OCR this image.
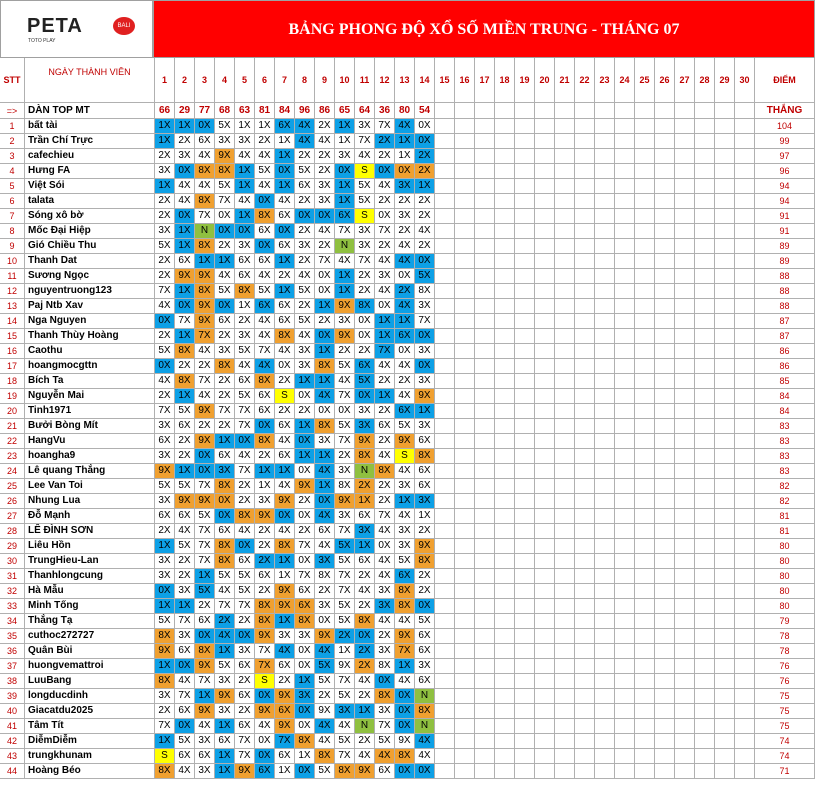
PETA	BALI
TOTO PLAY
BẢNG PHONG ĐỘ XỔ SỐ MIỀN TRUNG - THÁNG 07
STT
NGÀY THÀNH VIÊN
1	2	3	4	5	6	7	8	9	10	11	12	13	14	15	16	17	18	19	20	21	22	23	24	25	26	27	28	29	30	ĐIỂM
=>	DÀN TOP MT	66 29 77 68 63 81 84 96 86 65 64 36 80 54	THẮNG
1	bất tài	1X 1X 0X 5X 1X 1X 6X 4X 2X 1X 3X 7X 4X 0X	104
2	Trần Chí Trực	1X 2X 6X 3X 3X 2X 1X 4X 4X 1X 7X 2X 1X 0X	99
3	cafechieu	2X 3X 4X 9X 4X 4X 1X 2X 2X 3X 4X 2X 1X 2X	97
4	Hưng FA	3X 0X 8X 8X 1X 5X 0X 5X 2X 0X	S	0X 0X 2X	96
5	Việt Sói	1X 4X 4X 5X 1X 4X 1X 6X 3X 1X 5X 4X 3X 1X	94
6	talata	2X 4X 8X 7X 4X 0X 4X 2X 3X 1X 5X 2X 2X 2X	94
7	Sóng xô bờ	2X 0X 7X 0X 1X 8X 6X 0X 0X 6X	S	0X 3X 2X	91
8	Mốc Đại Hiệp	3X 1X	N	0X 0X 6X 0X 2X 4X 7X 3X 7X 2X 4X	91
9	Gió Chiều Thu	5X 1X 8X 2X 3X 0X 6X 3X 2X	N	3X 2X 4X 2X	89
10	Thanh Dat	2X 6X 1X 1X 6X 6X 1X 2X 7X 4X 7X 4X 4X 0X	89
11	Sương Ngọc	2X 9X 9X 4X 6X 4X 2X 4X 0X 1X 2X 3X 0X 5X	88
12	nguyentruong123	7X 1X 8X 5X 8X 5X 1X 5X 0X 1X 2X 4X 2X 8X	88
13	Paj Ntb Xav	4X 0X 9X 0X 1X 6X 6X 2X 1X 9X 8X 0X 4X 3X	88
14	Nga Nguyen	0X 7X 9X 6X 2X 4X 6X 5X 2X 3X 0X 1X 1X 7X	87
15	Thanh Thùy Hoàng	2X 1X 7X 2X 3X 4X 8X 4X 0X 9X 0X 1X 6X 0X	87
16	Caothu	5X 8X 4X 3X 5X 7X 4X 3X 1X 2X 2X 7X 0X 3X	86
17	hoangmocgttn	0X 2X 2X 8X 4X 4X 0X 3X 8X 5X 6X 4X 4X 0X	86
18	Bích Ta	4X 8X 7X 2X 6X 8X 2X 1X 1X 4X 5X 2X 2X 3X	85
19	Nguyễn Mai	2X 1X 4X 2X 5X 6X	S	0X 4X 7X 0X 1X 4X 9X	84
20	Tinh1971	7X 5X 9X 7X 7X 6X 2X 2X 0X 0X 3X 2X 6X 1X	84
21	Bưởi Bòng Mít	3X 6X 2X 2X 7X 0X 6X 1X 8X 5X 3X 6X 5X 3X	83
22	HangVu	6X 2X 9X 1X 0X 8X 4X 0X 3X 7X 9X 2X 9X 6X	83
23	hoangha9	3X 2X 0X 6X 4X 2X 6X 1X 1X 2X 8X 4X	S	8X	83
24	Lê quang Thắng	9X 1X 0X 3X 7X 1X 1X 0X 4X 3X	N	8X 4X 6X	83
25	Lee Van Toi	5X 5X 7X 8X 2X 1X 4X 9X 1X 8X 2X 2X 3X 6X	82
26	Nhung Lua	3X 9X 9X 0X 2X 3X 9X 2X 0X 9X 1X 2X 1X 3X	82
27	Đỗ Mạnh	6X 6X 5X 0X 8X 9X 0X 0X 4X 3X 6X 7X 4X 1X	81
28	LÊ ĐÌNH SƠN	2X 4X 7X 6X 4X 2X 4X 2X 6X 7X 3X 4X 3X 2X	81
29	Liêu Hồn	1X 5X 7X 8X 0X 2X 8X 7X 4X 5X 1X 0X 3X 9X	80
30	TrungHieu-Lan	3X 2X 7X 8X 6X 2X 1X 0X 3X 5X 6X 4X 5X 8X	80
31	Thanhlongcung	3X 2X 1X 5X 5X 6X 1X 7X 8X 7X 2X 4X 6X 2X	80
32	Hà Mẫu	0X 3X 5X 4X 5X 2X 9X 6X 2X 7X 4X 3X 8X 2X	80
33	Minh Tống	1X 1X 2X 7X 7X 8X 9X 6X 3X 5X 2X 3X 8X 0X	80
34	Thắng Tạ	5X 7X 6X 2X 2X 8X 1X 8X 0X 5X 8X 4X 4X 5X	79
35	cuthoc272727	8X 3X 0X 4X 0X 9X 3X 3X 9X 2X 0X 2X 9X 6X	78
36	Quân Bùi	9X 6X 8X 1X 3X 7X 4X 0X 4X 1X 2X 3X 7X 6X	78
37	huongvemattroi	1X 0X 9X 5X 6X 7X 6X 0X 5X 9X 2X 8X 1X 3X	76
38	LuuBang	8X 4X 7X 3X 2X	S	2X 1X 5X 7X 4X 0X 4X 6X	76
39	longducdinh	3X 7X 1X 9X 6X 0X 9X 3X 2X 5X 2X 8X 0X	N	75
40	Giacatdu2025	2X 6X 9X 3X 2X 9X 6X 0X 9X 3X 1X 3X 0X 8X	75
41	Tâm Tít	7X 0X 4X 1X 6X 4X 9X 0X 4X 4X	N	7X 0X	N	75
42	DiễmDiễm	1X 5X 3X 6X 7X 0X 7X 8X 4X 5X 2X 5X 9X 4X	74
43	trungkhunam	S	6X 6X 1X 7X 0X 6X 1X 8X 7X 4X 4X 8X 4X	74
44	Hoàng Béo	8X 4X 3X 1X 9X 6X 1X 0X 5X 8X 9X 6X 0X 0X	71
